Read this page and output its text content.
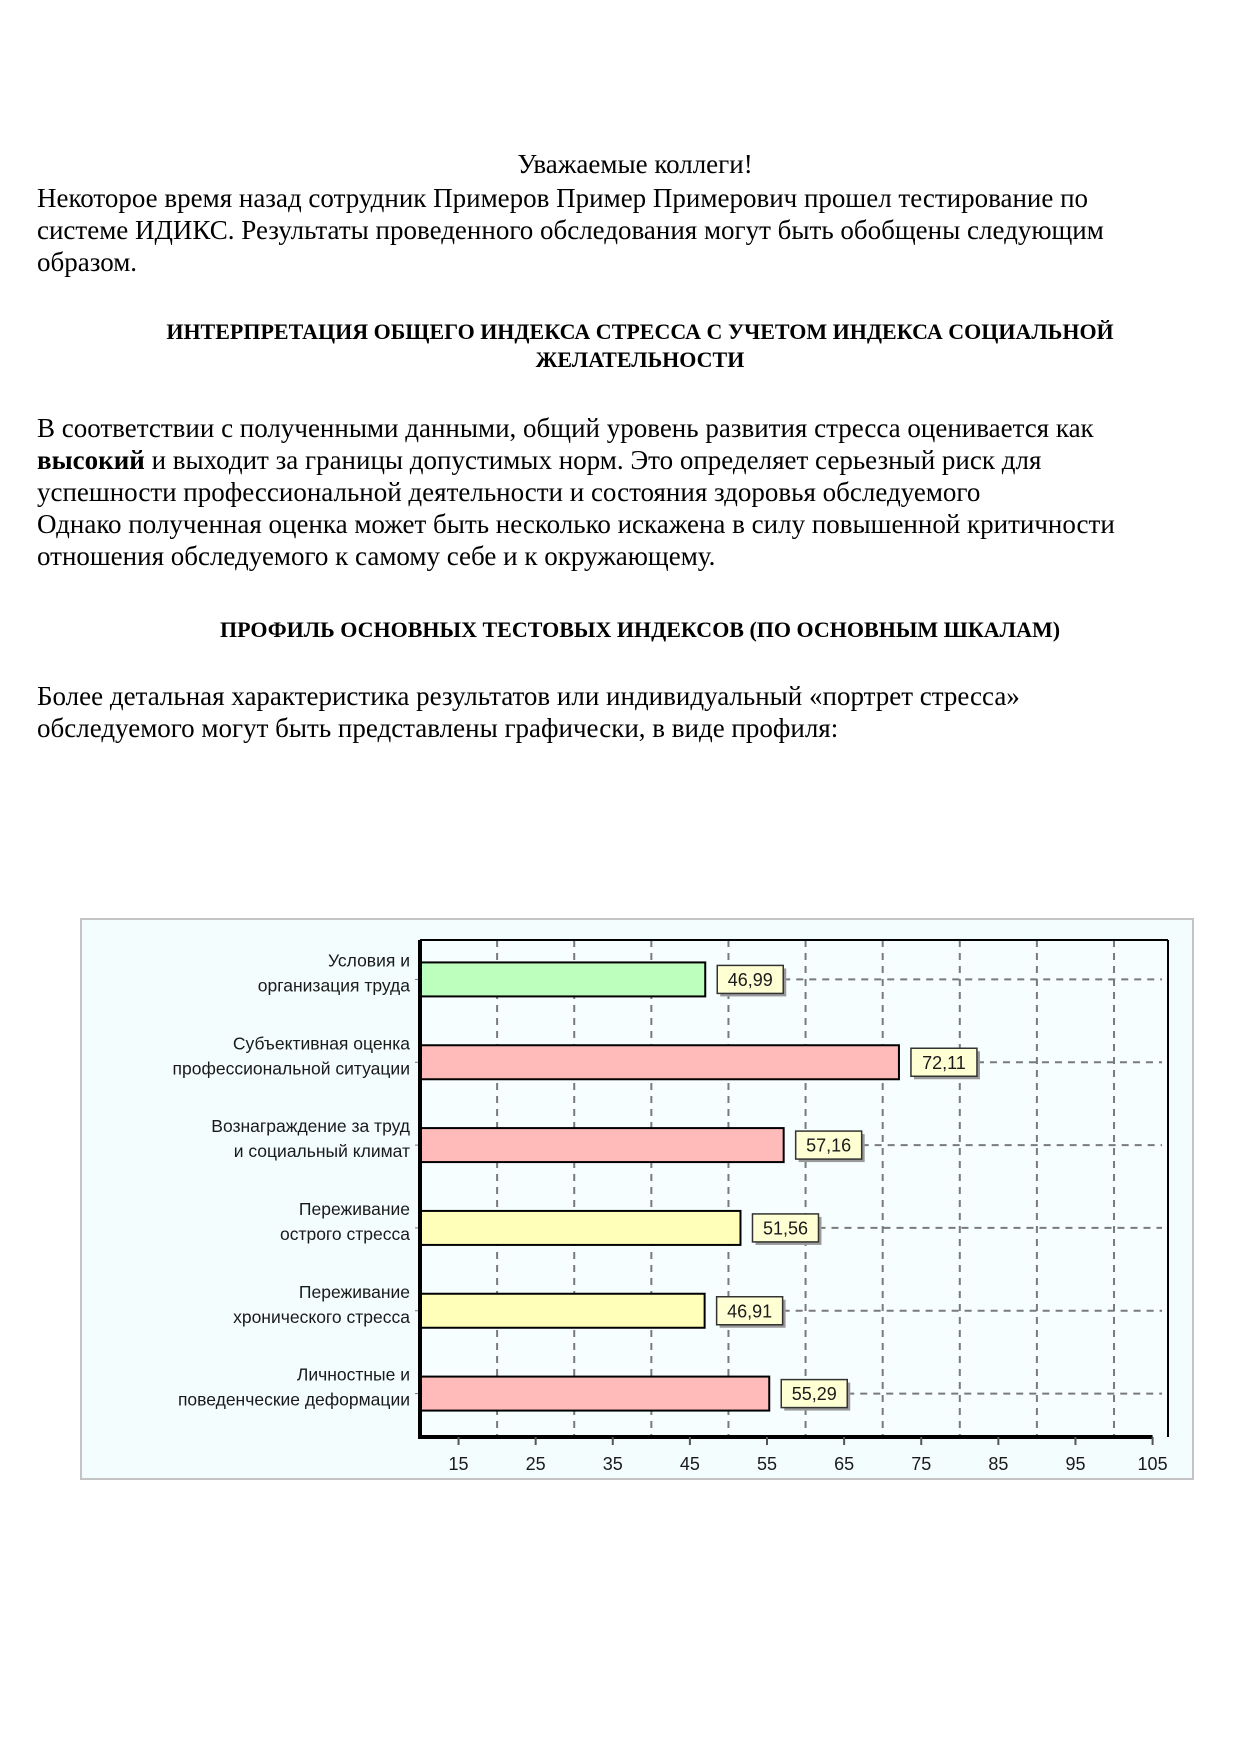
Уважаемые коллеги!
Некоторое время назад сотрудник Примеров Пример Примерович прошел тестирование по
системе ИДИКС. Результаты проведенного обследования могут быть обобщены следующим
образом.
ИНТЕРПРЕТАЦИЯ ОБЩЕГО ИНДЕКСА СТРЕССА С УЧЕТОМ ИНДЕКСА СОЦИАЛЬНОЙ
ЖЕЛАТЕЛЬНОСТИ
В соответствии с полученными данными, общий уровень развития стресса оценивается как
высокий и выходит за границы допустимых норм. Это определяет серьезный риск для
успешности профессиональной деятельности и состояния здоровья обследуемого
Однако полученная оценка может быть несколько искажена в силу повышенной критичности
отношения обследуемого к самому себе и к окружающему.
ПРОФИЛЬ ОСНОВНЫХ ТЕСТОВЫХ ИНДЕКСОВ (ПО ОСНОВНЫМ ШКАЛАМ)
Более детальная характеристика результатов или индивидуальный «портрет стресса»
обследуемого могут быть представлены графически, в виде профиля:
46,99
Условия и
организация труда
72,11
Субъективная оценка
профессиональной ситуации
57,16
Вознаграждение за труд
и социальный климат
51,56
Переживание
острого стресса
46,91
Переживание
хронического стресса
55,29
Личностные и
поведенческие деформации
15	25	35	45	55	65	75	85	95	105
